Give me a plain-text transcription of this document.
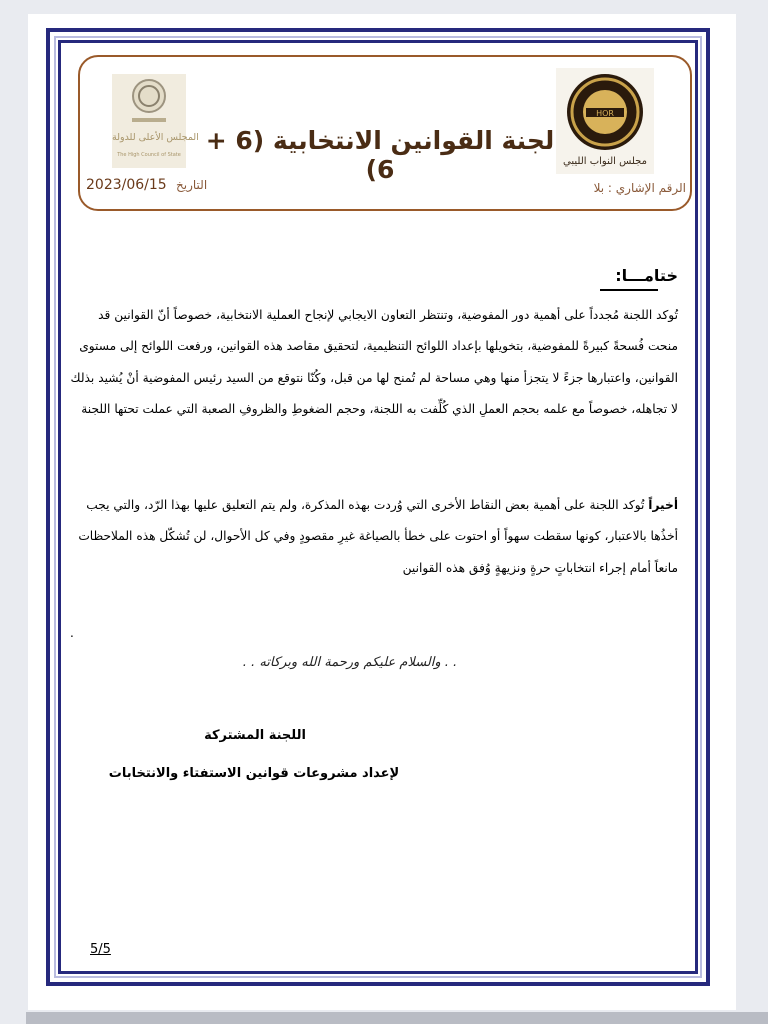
HOR
مجلس النواب الليبي
المجلس الأعلى للدولة
The High Council of State لجنة القوانين الانتخابية (6 + 6)
الرقم الإشاري : بلا
التاريخ
2023/06/15
ختامـــا:

تُوكد اللجنة مُجدداً على أهمية دور المفوضية، وتنتظر التعاون الايجابي لإنجاح العملية الانتخابية، خصوصاً أنّ القوانين قد منحت فُسحةً كبيرةً للمفوضية، بتخويلها بإعداد اللوائح التنظيمية، لتحقيق مقاصد هذه القوانين، ورفعت اللوائح إلى مستوى القوانين، واعتبارها جزءً لا يتجزأ منها وهي مساحة لم تُمنح لها من قبل، وكُنّا نتوقع من السيد رئيس المفوضية أنْ يُشيد بذلك لا تجاهله، خصوصاً مع علمه بحجم العملِ الذي كُلِّفت به اللجنة، وحجم الضغوطِ والظروفِ الصعبة التي عملت تحتها اللجنة

أخيراً تُوكد اللجنة على أهمية بعض النقاط الأخرى التي وُردت بهذه المذكرة، ولم يتم التعليق عليها بهذا الرّد، والتي يجب أخذُها بالاعتبار، كونها سقطت سهواً أو احتوت على خطأ بالصياغة غيرِ مقصودٍ وفي كل الأحوال، لن تُشكّل هذه الملاحظات مانعاً أمام إجراء انتخاباتٍ حرةٍ ونزيهةٍ وُفق هذه القوانين

.
. . والسلام عليكم ورحمة الله وبركاته . .
اللجنة المشتركة
لإعداد مشروعات قوانين الاستفتاء والانتخابات
5/5
